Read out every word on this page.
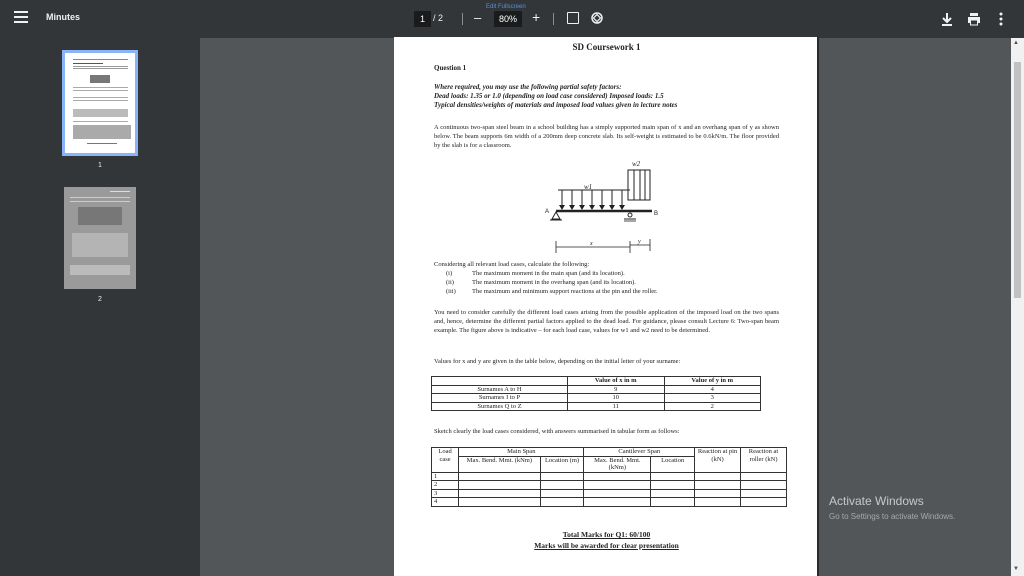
Minutes
Edit Fullscreen
1 / 2 –	80%	+
1
2
SD Coursework 1
Question 1
Where required, you may use the following partial safety factors:
Dead loads: 1.35 or 1.0 (depending on load case considered) Imposed loads: 1.5
Typical densities/weights of materials and imposed load values given in lecture notes
A continuous two-span steel beam in a school building has a simply supported main span of x and an overhang span of y as shown below. The beam supports 6m width of a 200mm deep concrete slab. Its self-weight is estimated to be 0.6kN/m. The floor provided by the slab is for a classroom.
A	B
w1
w2
x	y
Considering all relevant load cases, calculate the following:
(i)	The maximum moment in the main span (and its location).
(ii)	The maximum moment in the overhang span (and its location).
(iii)	The maximum and minimum support reactions at the pin and the roller.
You need to consider carefully the different load cases arising from the possible application of the imposed load on the two spans and, hence, determine the different partial factors applied to the dead load. For guidance, please consult Lecture 6: Two-span beam example. The figure above is indicative – for each load case, values for w1 and w2 need to be determined.
Values for x and y are given in the table below, depending on the initial letter of your surname:
	Value of x in m	Value of y in m
Surnames A to H	9	4
Surnames I to P	10	3
Surnames Q to Z	11	2
Sketch clearly the load cases considered, with answers summarised in tabular form as follows:
Load case	Main Span		Cantilever Span		Reaction at pin (kN)	Reaction at roller (kN)
	Max. Bend. Mmt. (kNm)	Location (m)	Max. Bend. Mmt. (kNm)	Location		
1						
2						
3						
4						
Total Marks for Q1: 60/100
Marks will be awarded for clear presentation
▲
▼
Activate Windows
Go to Settings to activate Windows.
